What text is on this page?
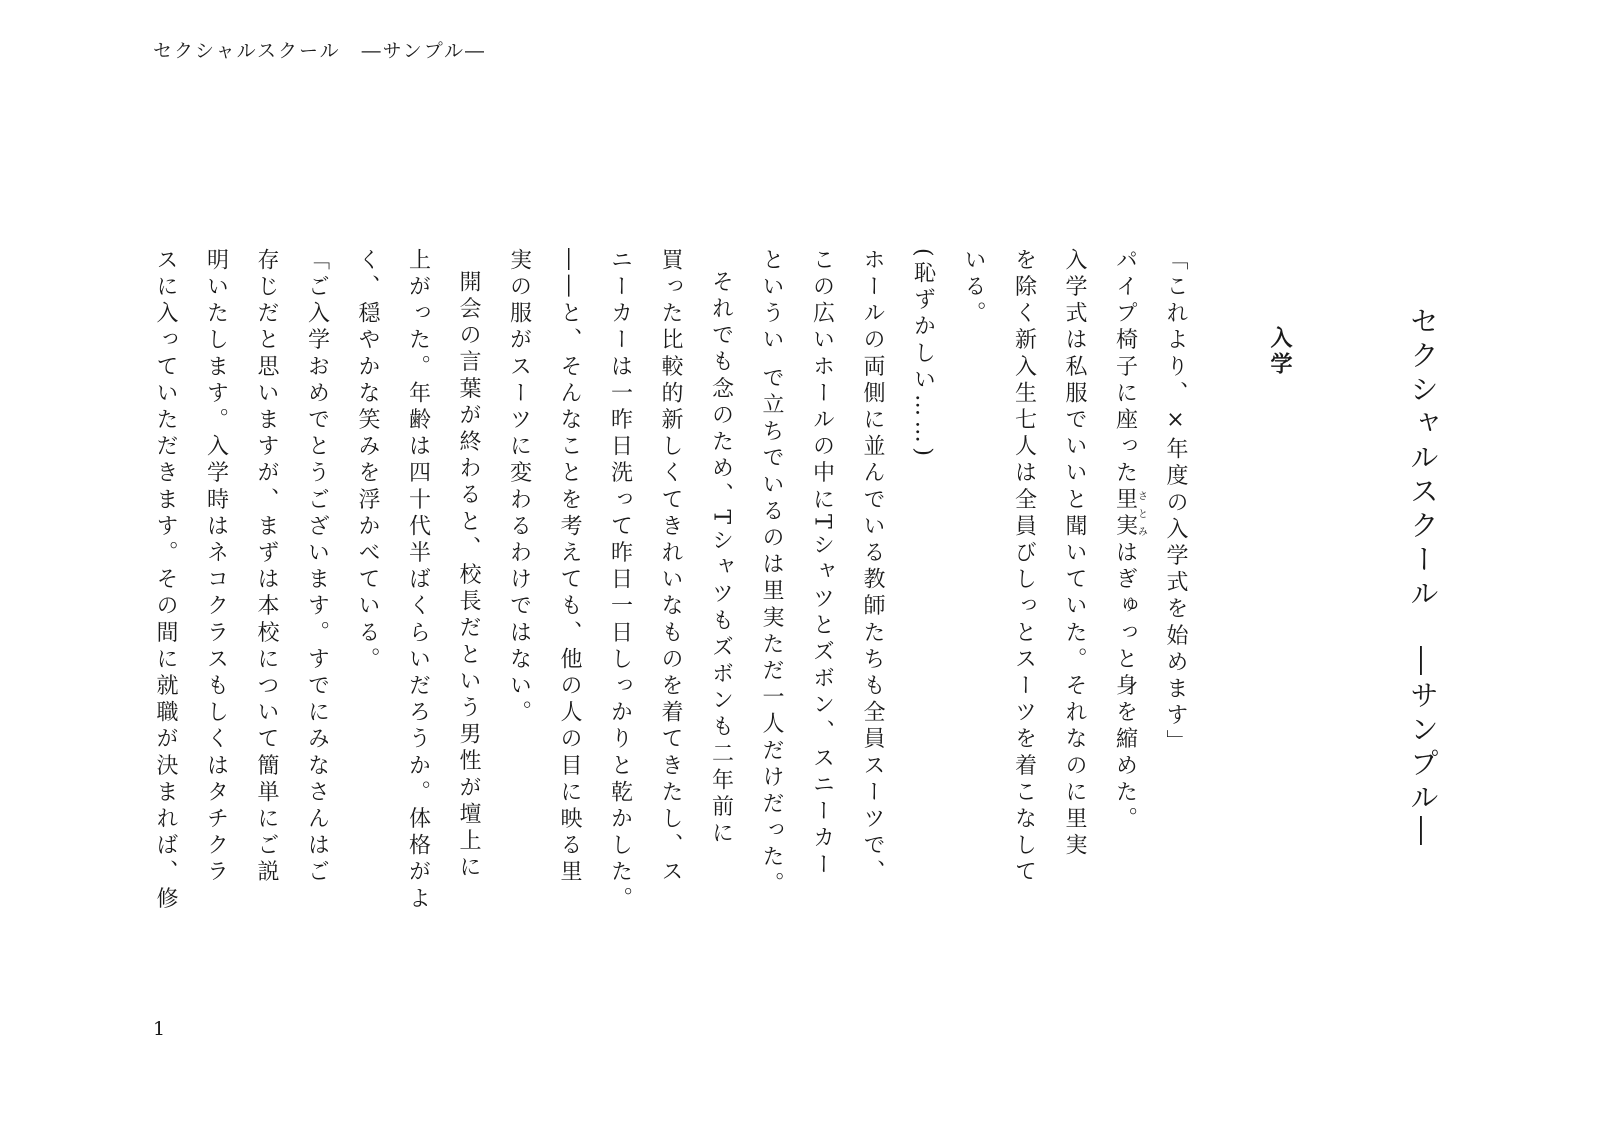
セクシャルスクール　―サンプル―
セクシャルスクール　―サンプル―
入学

「これより、×年度の入学式を始めます」

パイプ椅子に座った里実さとみはぎゅっと身を縮めた。

入学式は私服でいいと聞いていた。それなのに里実

を除く新入生七人は全員びしっとスーツを着こなして

いる。

(恥ずかしい……)

ホールの両側に並んでいる教師たちも全員スーツで、

この広いホールの中にTシャツとズボン、スニーカー

というい で立ちでいるのは里実ただ一人だけだった。

それでも念のため、Tシャツもズボンも二年前に

買った比較的新しくてきれいなものを着てきたし、ス

ニーカーは一昨日洗って昨日一日しっかりと乾かした。

――と、そんなことを考えても、他の人の目に映る里

実の服がスーツに変わるわけではない。

開会の言葉が終わると、校長だという男性が壇上に

上がった。年齢は四十代半ばくらいだろうか。体格がよ

く、穏やかな笑みを浮かべている。

「ご入学おめでとうございます。すでにみなさんはご

存じだと思いますが、まずは本校について簡単にご説

明いたします。入学時はネコクラスもしくはタチクラ

スに入っていただきます。その間に就職が決まれば、修

1
